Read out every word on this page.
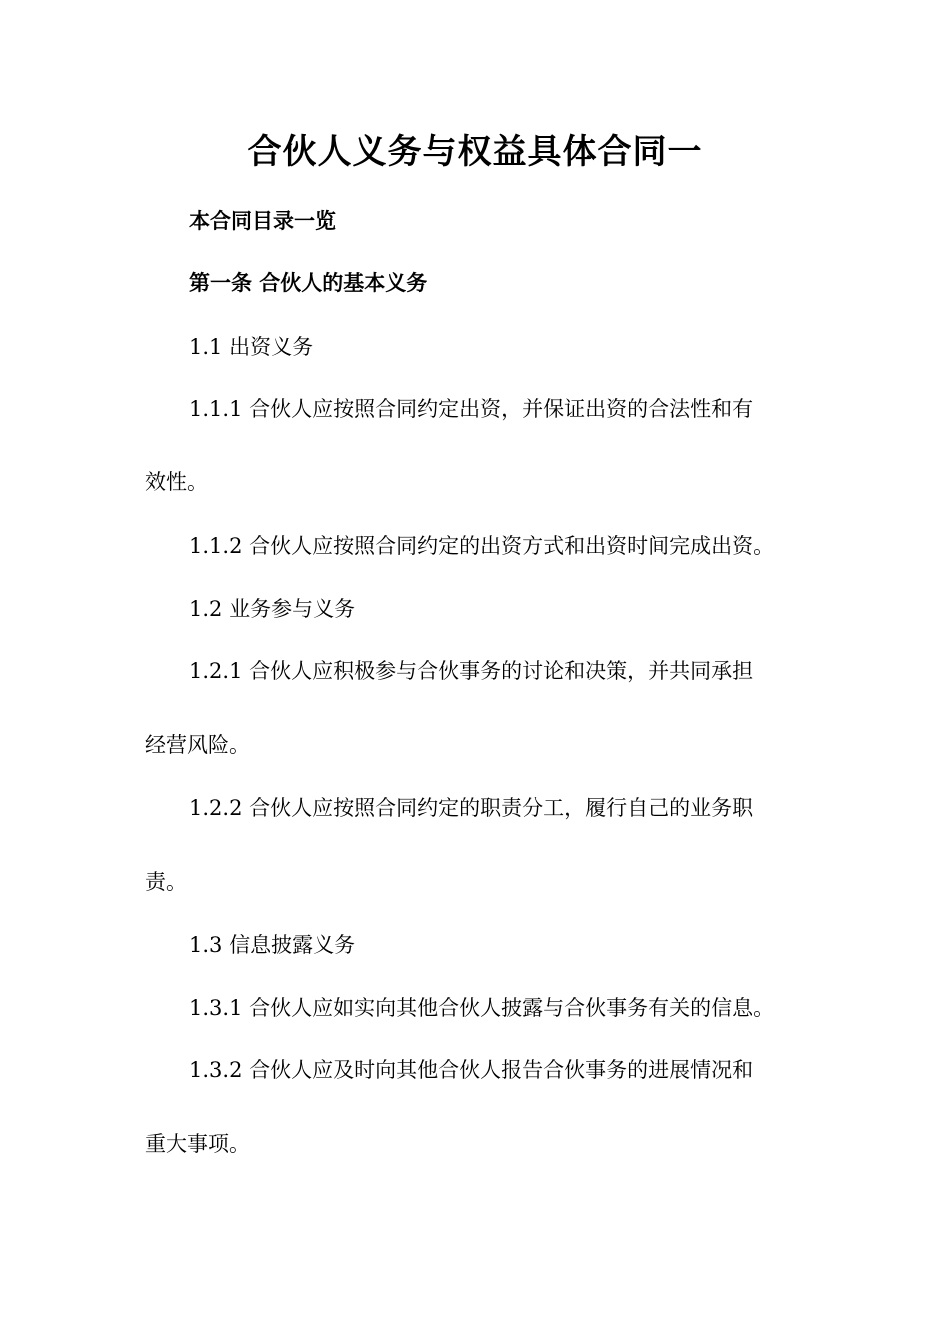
合伙人义务与权益具体合同一
本合同目录一览
第一条 合伙人的基本义务
1.1 出资义务
1.1.1 合伙人应按照合同约定出资，并保证出资的合法性和有
效性。
1.1.2 合伙人应按照合同约定的出资方式和出资时间完成出资。
1.2 业务参与义务
1.2.1 合伙人应积极参与合伙事务的讨论和决策，并共同承担
经营风险。
1.2.2 合伙人应按照合同约定的职责分工，履行自己的业务职
责。
1.3 信息披露义务
1.3.1 合伙人应如实向其他合伙人披露与合伙事务有关的信息。
1.3.2 合伙人应及时向其他合伙人报告合伙事务的进展情况和
重大事项。
